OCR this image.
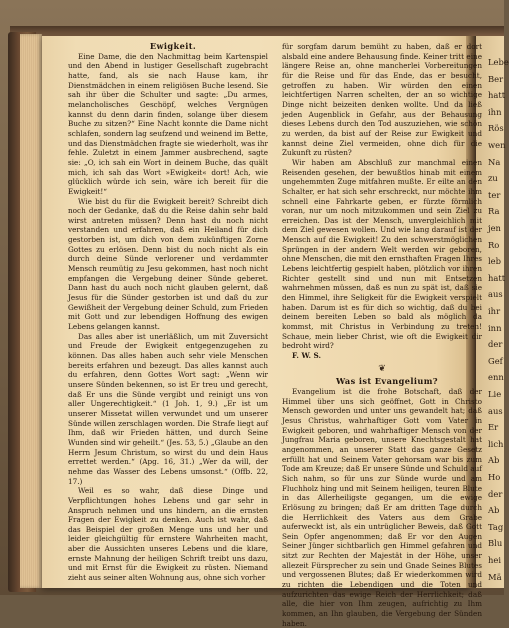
Lebe
Ber
hatt
ihn
Rös
wen
Na
zu
ter
Ra
jen
Ro
leb
hatt
aus
ihr
inn
der
Gef
enn
Lie
aus
Er
lich
Ab
Ho
der
Ab
Tag
Blu
hei
Mä

Ewigkeit.

Eine Dame, die den Nachmittag beim Kartenspiel und den Abend in lustiger Gesellschaft zugebracht hatte, fand, als sie nach Hause kam, ihr Dienstmädchen in einem religiösen Buche lesend. Sie sah ihr über die Schulter und sagte: „Du armes, melancholisches Geschöpf, welches Vergnügen kannst du denn darin finden, solange über diesem Buche zu sitzen?“ Eine Nacht konnte die Dame nicht schlafen, sondern lag seufzend und weinend im Bette, und das Dienstmädchen fragte sie wiederholt, was ihr fehle. Zuletzt in einem Jammer ausbrechend, sagte sie: „O, ich sah ein Wort in deinem Buche, das quält mich, ich sah das Wort »Ewigkeit« dort! Ach, wie glücklich würde ich sein, wäre ich bereit für die Ewigkeit!“

Wie bist du für die Ewigkeit bereit? Schreibt dich noch der Gedanke, daß du die Reise dahin sehr bald wirst antreten müssen? Denn hast du noch nicht verstanden und erfahren, daß ein Heiland für dich gestorben ist, um dich von dem zukünftigen Zorne Gottes zu erlösen. Denn bist du noch nicht als ein durch deine Sünde verlorener und verdammter Mensch reumütig zu Jesu gekommen, hast noch nicht empfangen die Vergebung deiner Sünde geberet. Dann hast du auch noch nicht glauben gelernt, daß Jesus für die Sünder gestorben ist und daß du zur Gewißheit der Vergebung deiner Schuld, zum Frieden mit Gott und zur lebendigen Hoffnung des ewigen Lebens gelangen kannst.

Das alles aber ist unerläßlich, um mit Zuversicht und Freude der Ewigkeit entgegenzugehen zu können. Das alles haben auch sehr viele Menschen bereits erfahren und bezeugt. Das alles kannst auch du erfahren, denn Gottes Wort sagt: „Wenn wir unsere Sünden bekennen, so ist Er treu und gerecht, daß Er uns die Sünde vergibt und reinigt uns von aller Ungerechtigkeit.“ (1 Joh. 1, 9.) „Er ist um unserer Missetat willen verwundet und um unserer Sünde willen zerschlagen worden. Die Strafe liegt auf Ihm, daß wir Frieden hätten, und durch Seine Wunden sind wir geheilt.“ (Jes. 53, 5.) „Glaube an den Herrn Jesum Christum, so wirst du und dein Haus errettet werden.“ (Apg. 16, 31.) „Wer da will, der nehme das Wasser des Lebens umsonst.“ (Offb. 22, 17.)

Weil es so wahr, daß diese Dinge und Verpflichtungen hohes Lebens und gar sehr in Anspruch nehmen und uns hindern, an die ernsten Fragen der Ewigkeit zu denken. Auch ist wahr, daß das Beispiel der großen Menge uns und her und leider gleichgültig für ernstere Wahrheiten macht, aber die Aussichten unseres Lebens und die klare, ernste Mahnung der heiligen Schrift treibt uns dazu, und mit Ernst für die Ewigkeit zu rüsten. Niemand zieht aus seiner alten Wohnung aus, ohne sich vorher

für sorgfam darum bemüht zu haben, daß er dort alsbald eine andere Behausung finde. Keiner tritt eine längere Reise an, ohne mancherlei Vorbereitungen für die Reise und für das Ende, das er besucht, getroffen zu haben. Wir würden den einen leichtfertigen Narren schelten, der an so wichtige Dinge nicht beizeiten denken wollte. Und da ließ jeden Augenblick in Gefahr, aus der Behausung dieses Lebens durch den Tod auszuziehen, wie schön zu werden, da bist auf der Reise zur Ewigkeit und kannst deine Ziel vermeiden, ohne dich für die Zukunft zu rüsten?

Wir haben am Abschluß zur manchmal einen Reisenden gesehen, der bewußtlos hinab mit einem ungehemmten Zuge mitfahren mußte. Er eilte an den Schalter, er hat sich sehr erschreckt, nur möchte ihm schnell eine Fahrkarte geben, er fürzte förmlich voran, nur um noch mitzukommen und sein Ziel zu erreichen. Das ist der Mensch, unvergleichlich mit dem Ziel gewesen wollen. Und wie lang darauf ist der Mensch auf die Ewigkeit! Zu den schwerstmöglichen Sprüngen in der andern Welt werden wir geboren, ohne Menschen, die mit den ernsthaften Fragen Ihres Lebens leichtfertig gespielt haben, plötzlich vor ihren Richter gestellt sind und nun mit Entsetzen wahrnehmen müssen, daß es nun zu spät ist, daß sie den Himmel, ihre Seligkeit für die Ewigkeit verspielt haben. Darum ist es für dich so wichtig, daß du bei deinem bereiten Leben so bald als möglich da kommst, mit Christus in Verbindung zu treten! Schaue, mein lieber Christ, wie oft die Ewigkeit dir bedroht wird?

F. W. S.

❦

Was ist Evangelium?

Evangelium ist die frohe Botschaft, daß der Himmel über uns sich geöffnet, Gott in Christo Mensch geworden und unter uns gewandelt hat; daß Jesus Christus, wahrhaftiger Gott vom Vater in Ewigkeit geboren, und wahrhaftiger Mensch von der Jungfrau Maria geboren, unsere Knechtsgestalt hat angenommen, an unserer Statt das ganze Gesetz erfüllt hat und Seinem Vater gehorsam war bis zum Tode am Kreuze; daß Er unsere Sünde und Schuld auf Sich nahm, so für uns zur Sünde wurde und am Fluchholz hing und mit Seinem heiligen, teuren Blute in das Allerheiligste gegangen, um die ewige Erlösung zu bringen; daß Er am dritten Tage durch die Herrlichkeit des Vaters aus dem Grabe auferweckt ist, als ein untrüglicher Beweis, daß Gott Sein Opfer angenommen; daß Er vor den Augen Seiner Jünger sichtbarlich gen Himmel gefahren und sitzt zur Rechten der Majestät in der Höhe, unser allezeit Fürsprecher zu sein und Gnade Seines Blutes und vergossenen Blutes; daß Er wiederkommen wird zu richten die Lebendigen und die Toten und aufzurichten das ewige Reich der Herrlichkeit; daß alle, die hier von Ihm zeugen, aufrichtig zu Ihm kommen, an Ihn glauben, die Vergebung der Sünden haben.
